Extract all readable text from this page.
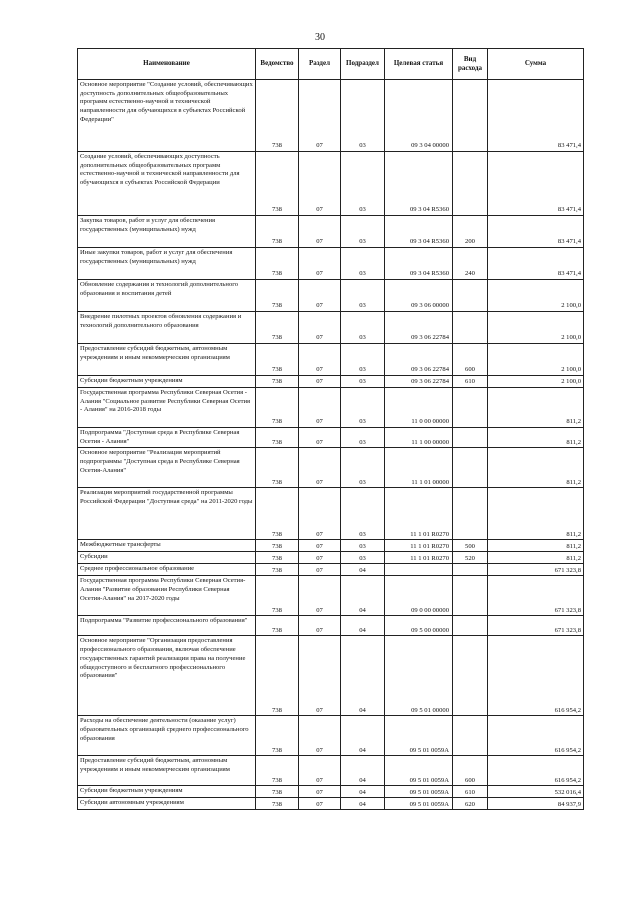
30
Наименование	Ведомство	Раздел	Подраздел	Целевая статья	Вид расхода	Сумма
Основное мероприятие "Создание условий, обеспечивающих доступность дополнительных общеобразовательных программ естественно-научной и технической направленности для обучающихся в субъектах Российской Федерации"	738	07	03	09 3 04 00000		83 471,4
Создание условий, обеспечивающих доступность дополнительных общеобразовательных программ естественно-научной и технической направленности для обучающихся в субъектах Российской Федерации	738	07	03	09 3 04 R5360		83 471,4
Закупка товаров, работ и услуг для обеспечения государственных (муниципальных) нужд	738	07	03	09 3 04 R5360	200	83 471,4
Иные закупки товаров, работ и услуг для обеспечения государственных (муниципальных) нужд	738	07	03	09 3 04 R5360	240	83 471,4
Обновление содержания и технологий дополнительного образования и воспитания детей	738	07	03	09 3 06 00000		2 100,0
Внедрение пилотных проектов обновления содержания и технологий дополнительного образования	738	07	03	09 3 06 22784		2 100,0
Предоставление субсидий бюджетным, автономным учреждениям и иным некоммерческим организациям	738	07	03	09 3 06 22784	600	2 100,0
Субсидии бюджетным учреждениям	738	07	03	09 3 06 22784	610	2 100,0
Государственная программа Республики Северная Осетия - Алания "Социальное развитие Республики Северная Осетия - Алания" на 2016-2018 годы	738	07	03	11 0 00 00000		811,2
Подпрограмма "Доступная среда в Республике Северная Осетия - Алания"	738	07	03	11 1 00 00000		811,2
Основное мероприятие "Реализация мероприятий подпрограммы "Доступная среда в Республике Северная Осетия-Алания"	738	07	03	11 1 01 00000		811,2
Реализация мероприятий государственной программы Российской Федерации "Доступная среда" на 2011-2020 годы	738	07	03	11 1 01 R0270		811,2
Межбюджетные трансферты	738	07	03	11 1 01 R0270	500	811,2
Субсидии	738	07	03	11 1 01 R0270	520	811,2
Среднее профессиональное образование	738	07	04			671 323,8
Государственная программа Республики Северная Осетия-Алания "Развитие образования Республики Северная Осетия-Алания" на 2017-2020 годы	738	07	04	09 0 00 00000		671 323,8
Подпрограмма "Развитие профессионального образования"	738	07	04	09 5 00 00000		671 323,8
Основное мероприятие "Организация предоставления профессионального образования, включая обеспечение государственных гарантий реализации права на получение общедоступного и бесплатного профессионального образования"	738	07	04	09 5 01 00000		616 954,2
Расходы на обеспечение деятельности (оказание услуг) образовательных организаций среднего профессионального образования	738	07	04	09 5 01 0059А		616 954,2
Предоставление субсидий бюджетным, автономным учреждениям и иным некоммерческим организациям	738	07	04	09 5 01 0059А	600	616 954,2
Субсидии бюджетным учреждениям	738	07	04	09 5 01 0059А	610	532 016,4
Субсидии автономным учреждениям	738	07	04	09 5 01 0059А	620	84 937,9
